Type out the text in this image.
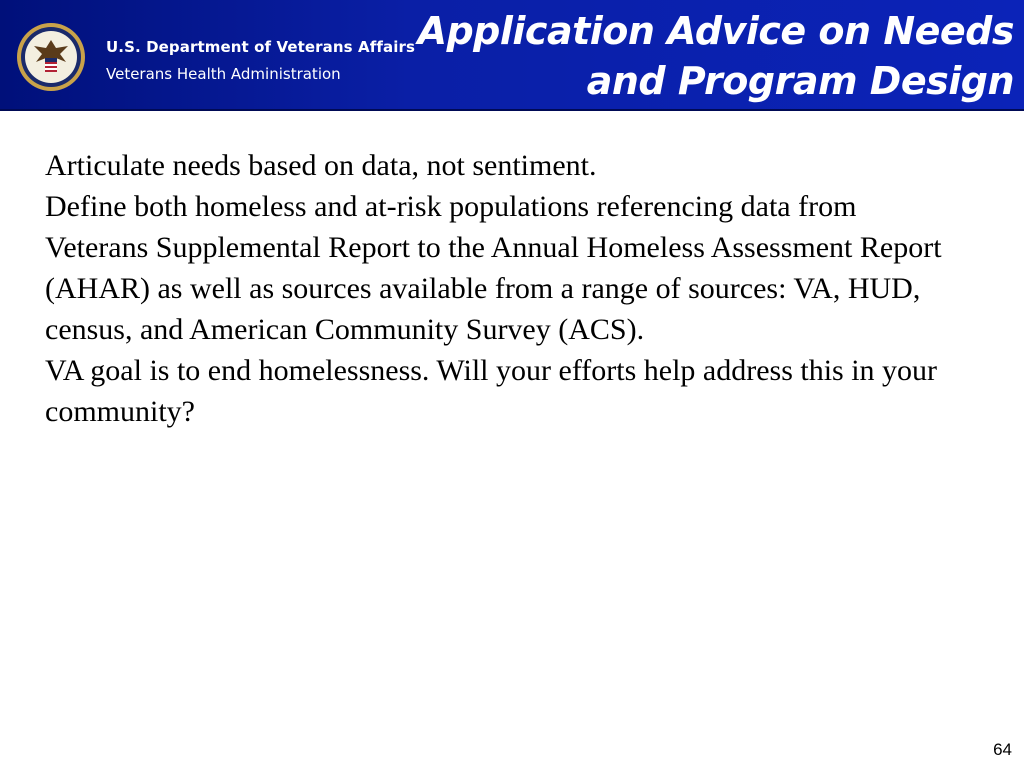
U.S. Department of Veterans Affairs
Veterans Health Administration
Application Advice on Needs
and Program Design

Articulate needs based on data, not sentiment.

Define both homeless and at-risk populations referencing data from Veterans Supplemental Report to the Annual Homeless Assessment Report (AHAR) as well as sources available from a range of sources: VA, HUD, census, and American Community Survey (ACS).

VA goal is to end homelessness. Will your efforts help address this in your community?

64
